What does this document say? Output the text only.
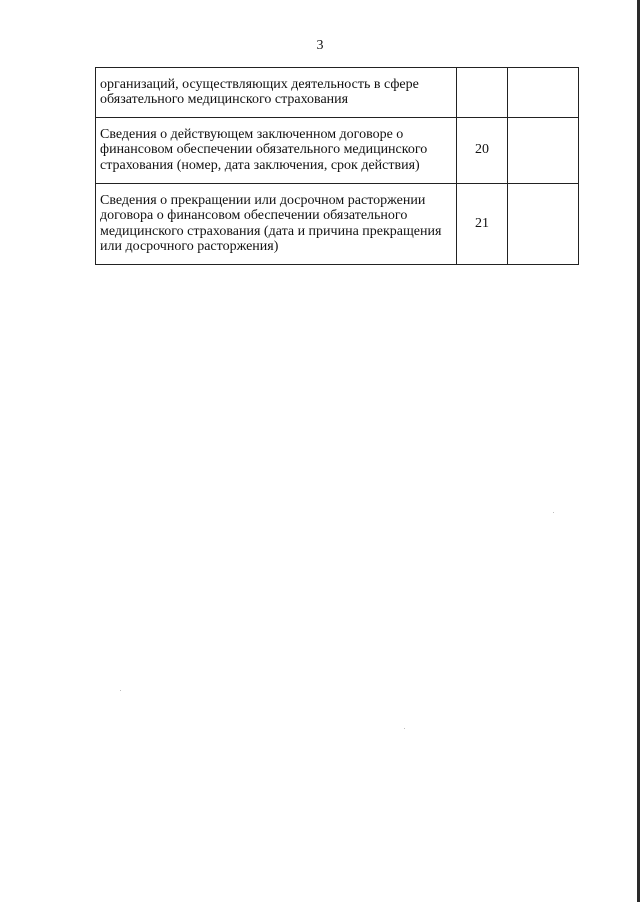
3
организаций, осуществляющих деятельность в сфере обязательного медицинского страхования		
Сведения о действующем заключенном договоре о финансовом обеспечении обязательного медицинского страхования (номер, дата заключения, срок действия)	20	
Сведения о прекращении или досрочном расторжении договора о финансовом обеспечении обязательного медицинского страхования (дата и причина прекращения или досрочного расторжения)	21	
